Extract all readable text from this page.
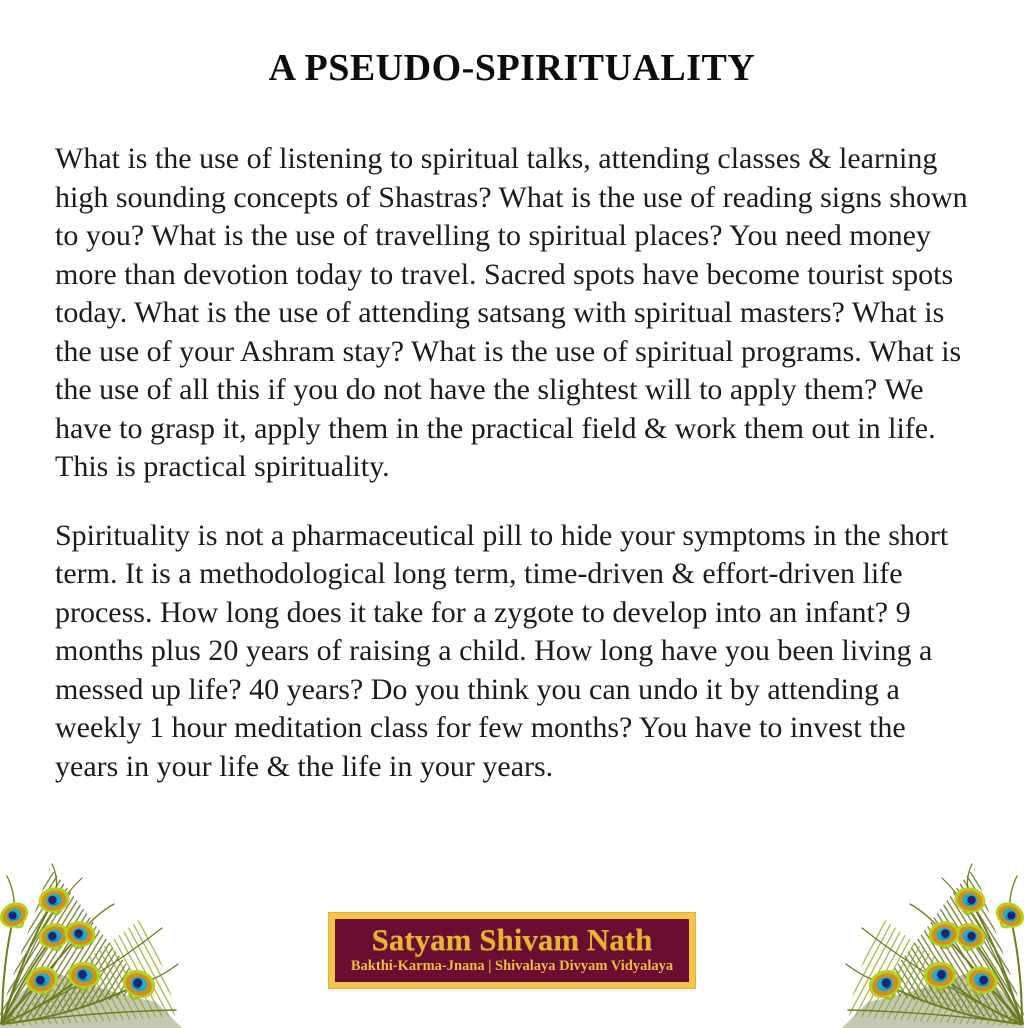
A PSEUDO-SPIRITUALITY

What is the use of listening to spiritual talks, attending classes & learning high sounding concepts of Shastras? What is the use of reading signs shown to you? What is the use of travelling to spiritual places? You need money more than devotion today to travel. Sacred spots have become tourist spots today. What is the use of attending satsang with spiritual masters? What is the use of your Ashram stay? What is the use of spiritual programs. What is the use of all this if you do not have the slightest will to apply them? We have to grasp it, apply them in the practical field & work them out in life. This is practical spirituality.

Spirituality is not a pharmaceutical pill to hide your symptoms in the short term. It is a methodological long term, time-driven & effort-driven life process. How long does it take for a zygote to develop into an infant? 9 months plus 20 years of raising a child. How long have you been living a messed up life? 40 years? Do you think you can undo it by attending a weekly 1 hour meditation class for few months? You have to invest the years in your life & the life in your years.

Satyam Shivam Nath
Bakthi-Karma-Jnana | Shivalaya Divyam Vidyalaya
